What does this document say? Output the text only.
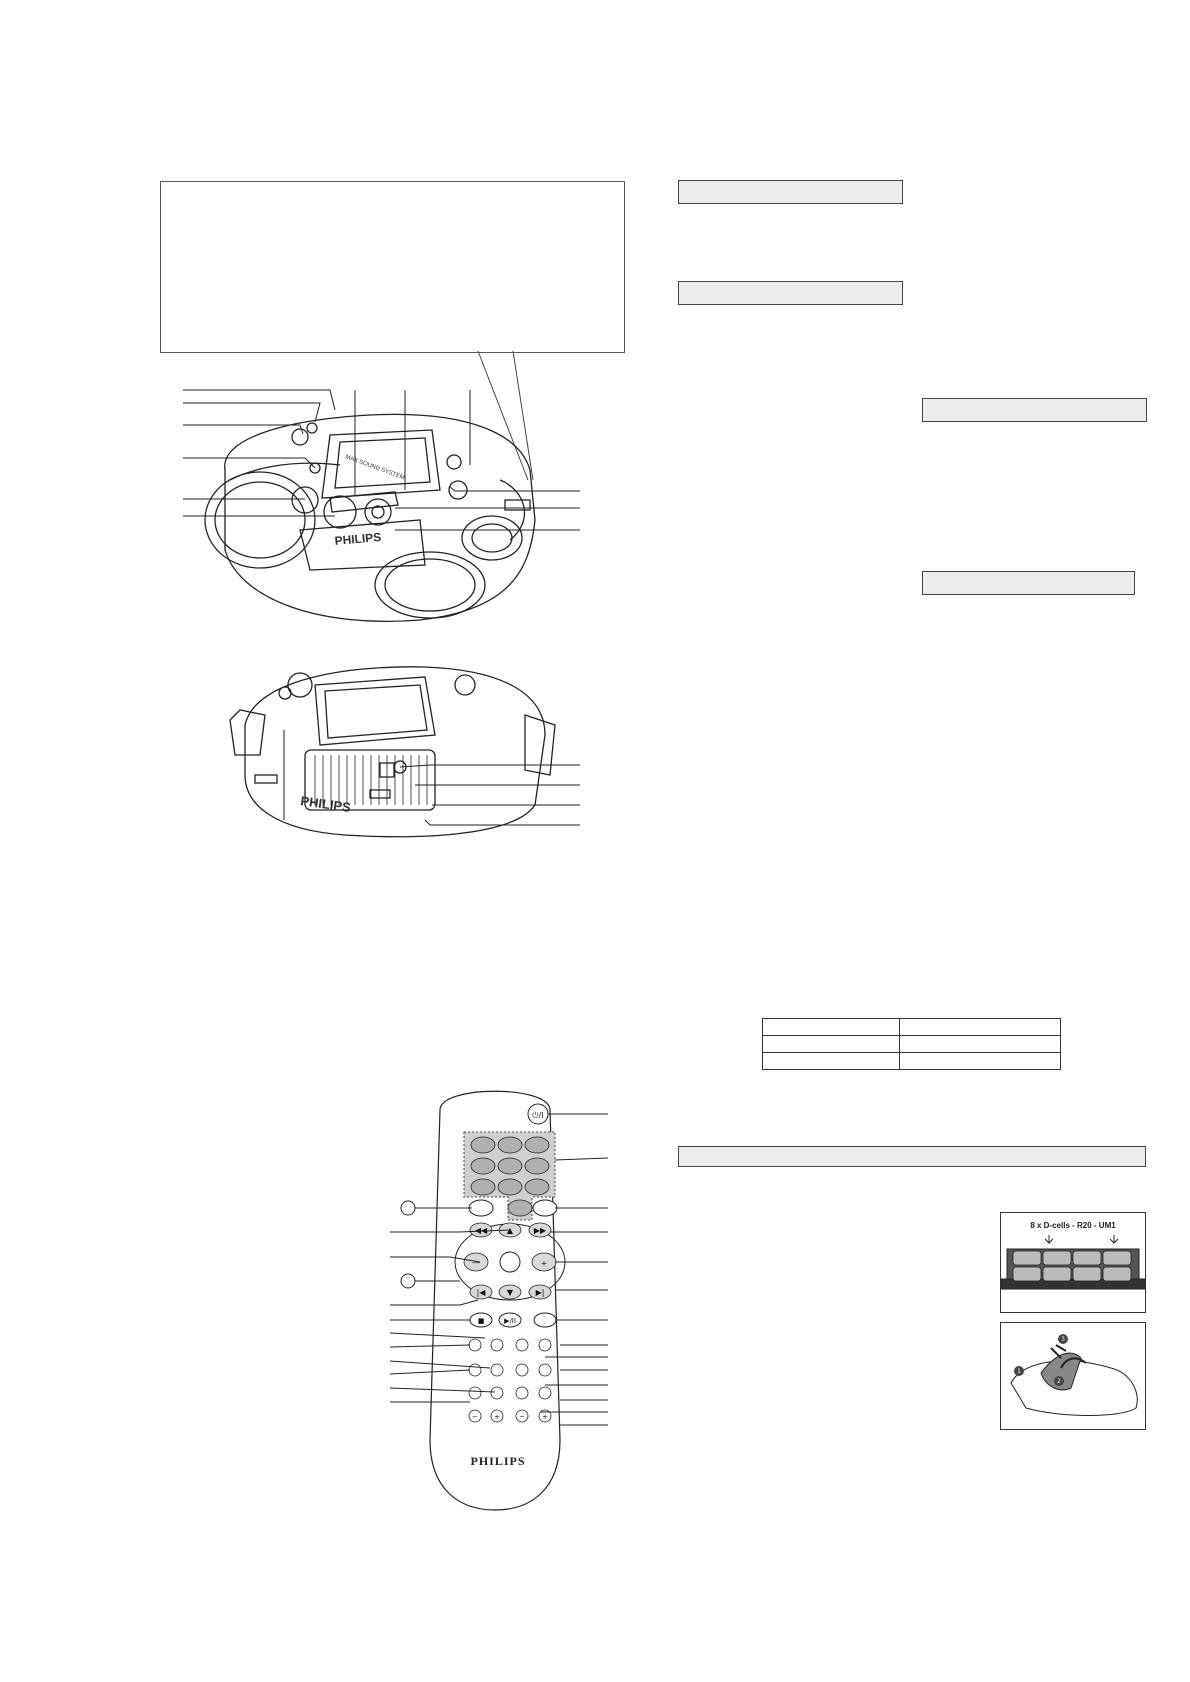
PHILIPS
MAX SOUND SYSTEM
PHILIPS
⏻/I
◀◀ ▲	▶▶
—	+
▼
|◀	▶|
■	▶/II
− +	− +
PHILIPS

8 x D-cells - R20 - UM1
1
3
2
